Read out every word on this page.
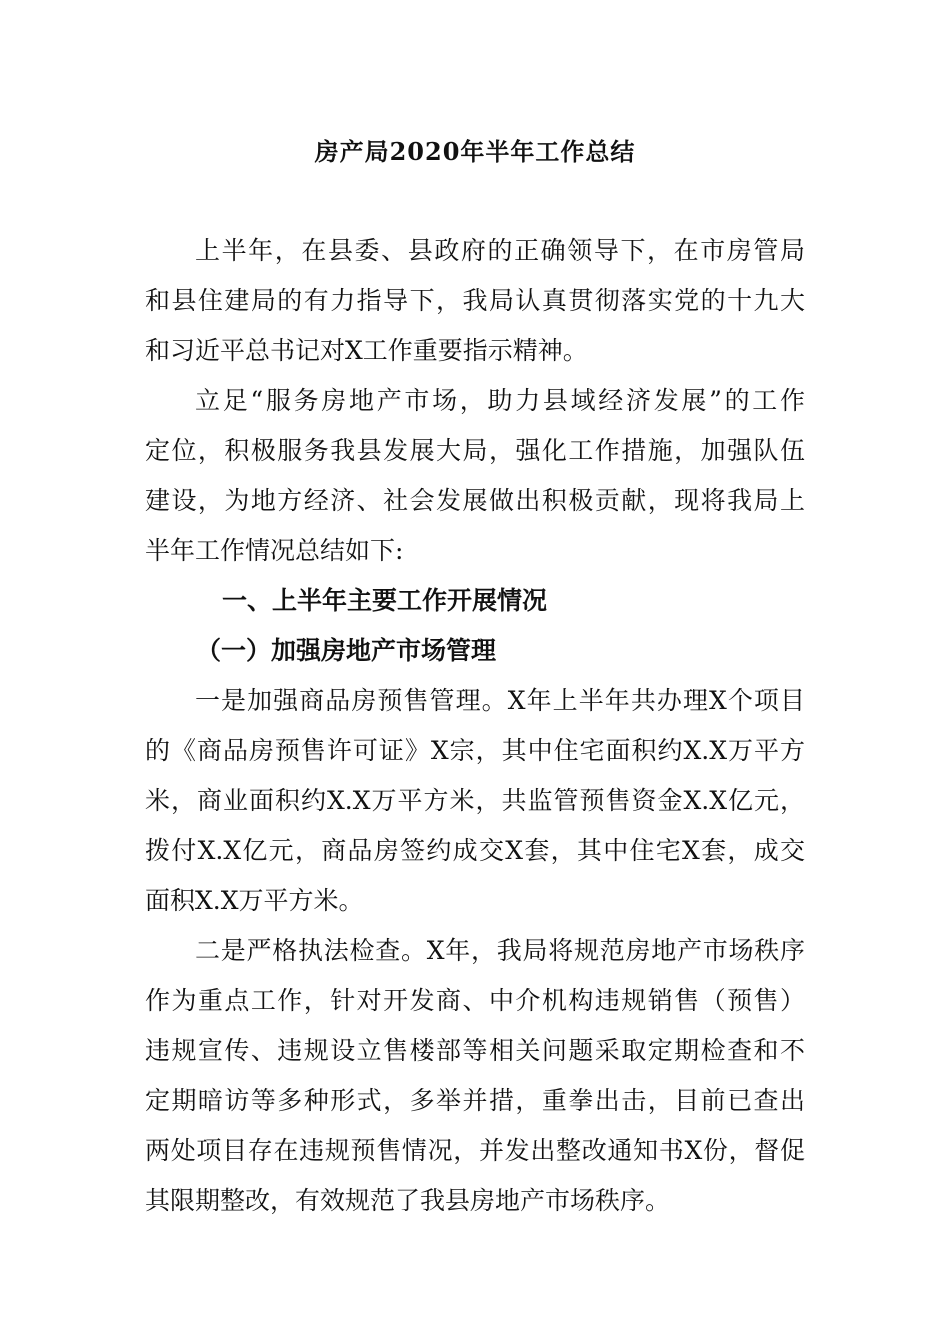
房产局2020年半年工作总结
上半年，在县委、县政府的正确领导下，在市房管局
和县住建局的有力指导下，我局认真贯彻落实党的十九大
和习近平总书记对X工作重要指示精神。
立足“服务房地产市场，助力县域经济发展”的工作
定位，积极服务我县发展大局，强化工作措施，加强队伍
建设，为地方经济、社会发展做出积极贡献，现将我局上
半年工作情况总结如下:
一、上半年主要工作开展情况
（一）加强房地产市场管理
一是加强商品房预售管理。X年上半年共办理X个项目
的《商品房预售许可证》X宗，其中住宅面积约X.X万平方
米，商业面积约X.X万平方米，共监管预售资金X.X亿元，
拨付X.X亿元，商品房签约成交X套，其中住宅X套，成交
面积X.X万平方米。
二是严格执法检查。X年，我局将规范房地产市场秩序
作为重点工作，针对开发商、中介机构违规销售（预售）
违规宣传、违规设立售楼部等相关问题采取定期检查和不
定期暗访等多种形式，多举并措，重拳出击，目前已查出
两处项目存在违规预售情况，并发出整改通知书X份，督促
其限期整改，有效规范了我县房地产市场秩序。
